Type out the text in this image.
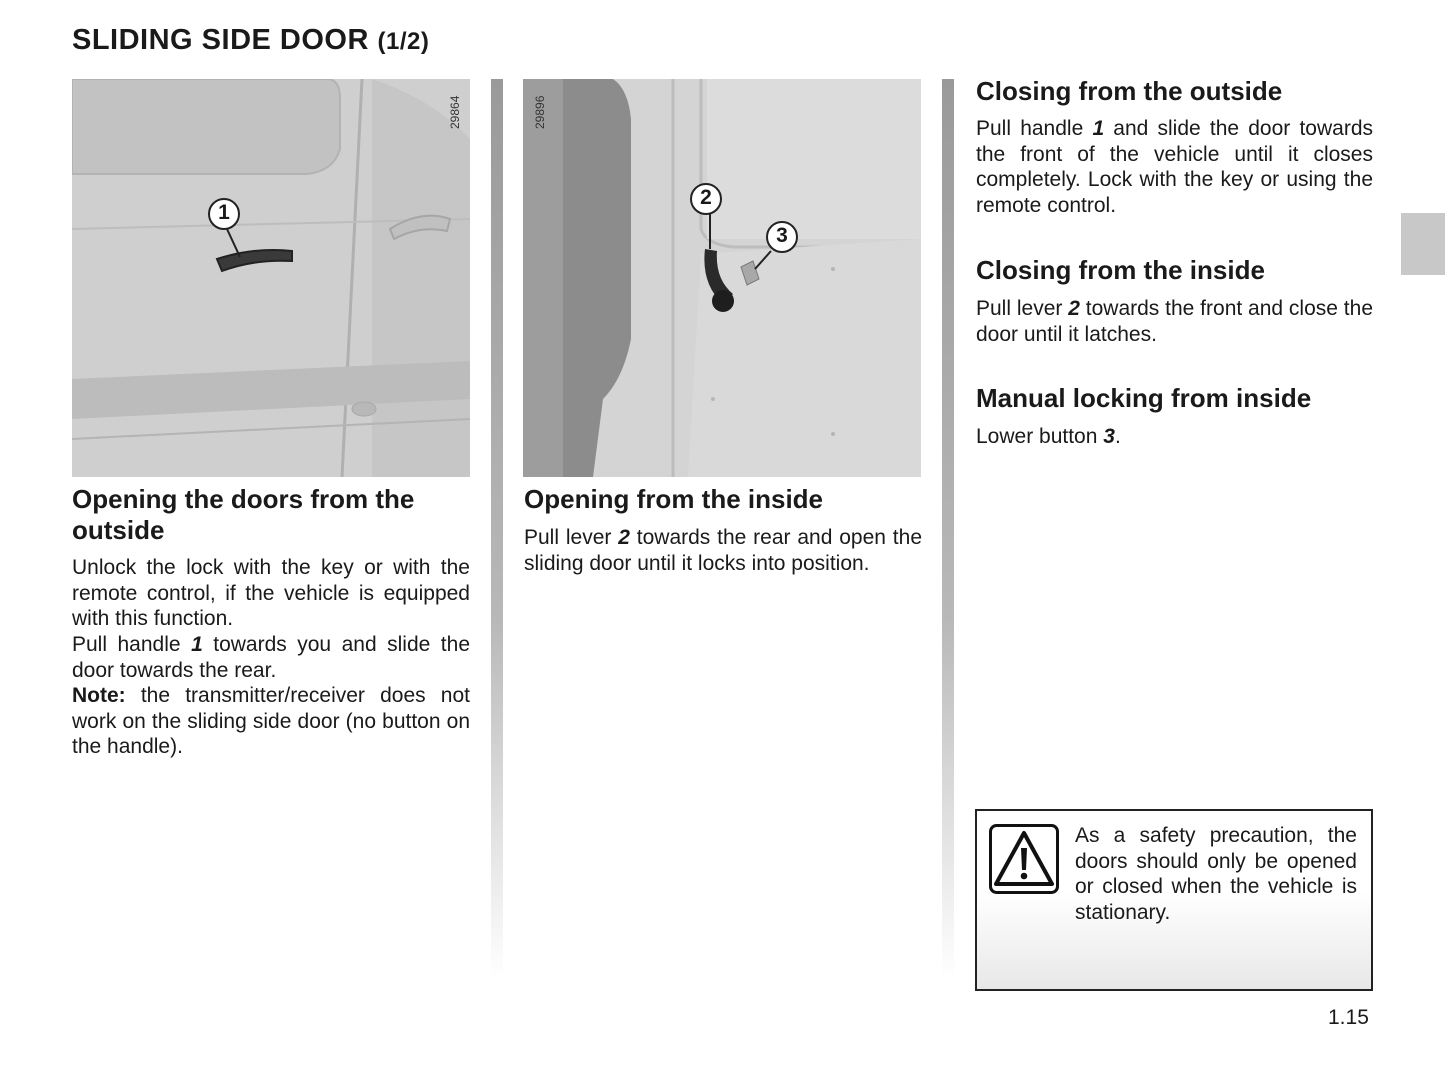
SLIDING SIDE DOOR (1/2)
1
29864
2
3
29896
Opening the doors from the outside

Unlock the lock with the key or with the remote control, if the vehicle is equipped with this function.

Pull handle 1 towards you and slide the door towards the rear.

Note: the transmitter/receiver does not work on the sliding side door (no button on the handle).

Opening from the inside

Pull lever 2 towards the rear and open the sliding door until it locks into position.

Closing from the outside

Pull handle 1 and slide the door towards the front of the vehicle until it closes completely. Lock with the key or using the remote control.

Closing from the inside

Pull lever 2 towards the front and close the door until it latches.

Manual locking from inside

Lower button 3.

As a safety precaution, the doors should only be opened or closed when the vehicle is stationary.

1.15
